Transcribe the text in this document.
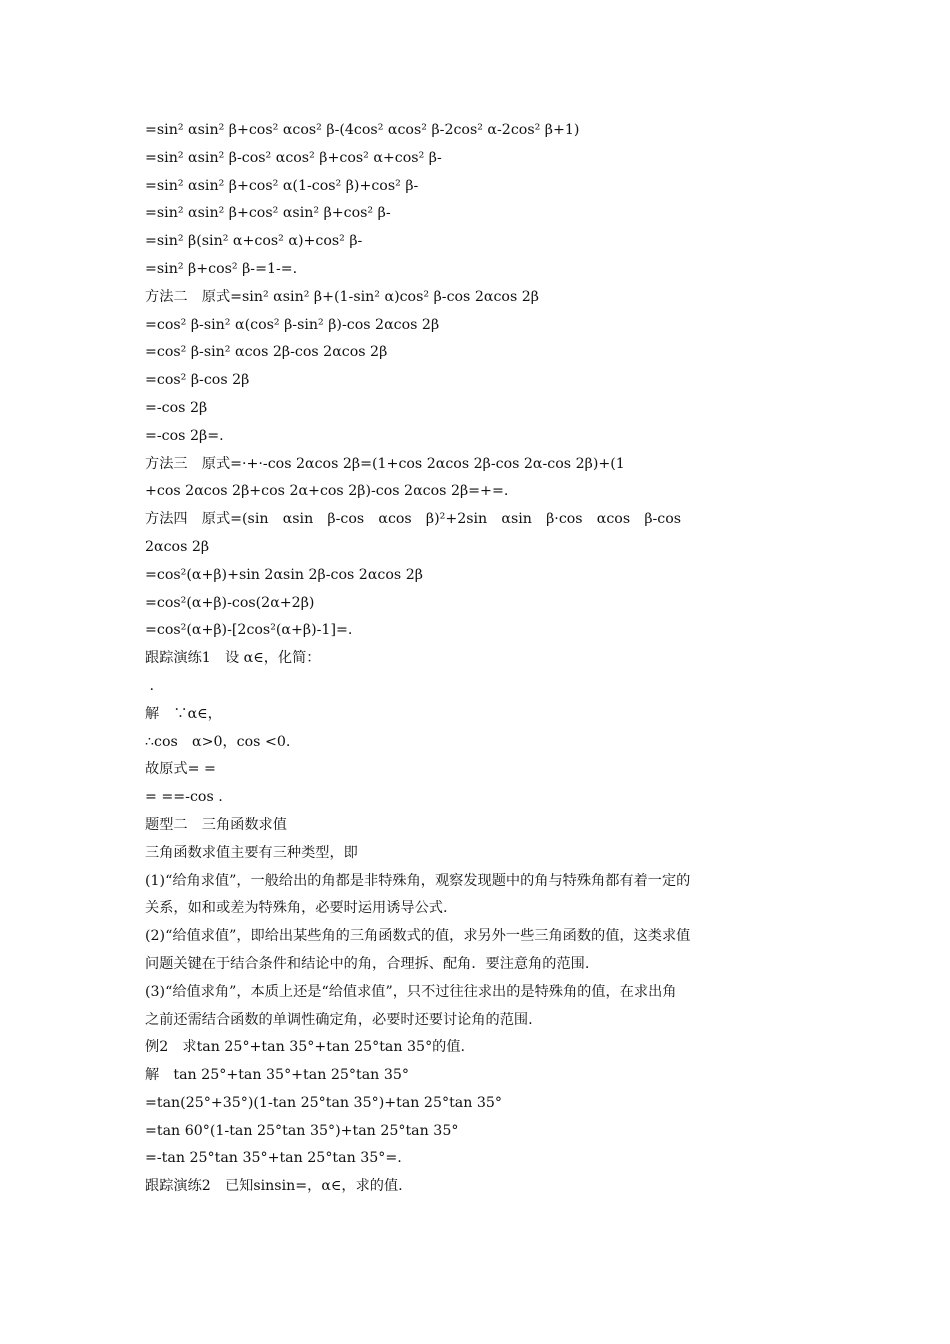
=sin² αsin² β+cos² αcos² β-(4cos² αcos² β-2cos² α-2cos² β+1)
=sin² αsin² β-cos² αcos² β+cos² α+cos² β-
=sin² αsin² β+cos² α(1-cos² β)+cos² β-
=sin² αsin² β+cos² αsin² β+cos² β-
=sin² β(sin² α+cos² α)+cos² β-
=sin² β+cos² β-=1-=.
方法二　原式=sin² αsin² β+(1-sin² α)cos² β-cos 2αcos 2β
=cos² β-sin² α(cos² β-sin² β)-cos 2αcos 2β
=cos² β-sin² αcos 2β-cos 2αcos 2β
=cos² β-cos 2β
=-cos 2β
=-cos 2β=.
方法三　原式=·+·-cos 2αcos 2β=(1+cos 2αcos 2β-cos 2α-cos 2β)+(1
+cos 2αcos 2β+cos 2α+cos 2β)-cos 2αcos 2β=+=.
方法四　原式=(sin　αsin　β-cos　αcos　β)²+2sin　αsin　β·cos　αcos　β-cos
2αcos 2β
=cos²(α+β)+sin 2αsin 2β-cos 2αcos 2β
=cos²(α+β)-cos(2α+2β)
=cos²(α+β)-[2cos²(α+β)-1]=.
跟踪演练1　设 α∈，化简：
.
解　∵α∈，
∴cos　α>0，cos <0.
故原式= =
= ==-cos .
题型二　三角函数求值
三角函数求值主要有三种类型，即
(1)“给角求值”，一般给出的角都是非特殊角，观察发现题中的角与特殊角都有着一定的
关系，如和或差为特殊角，必要时运用诱导公式.
(2)“给值求值”，即给出某些角的三角函数式的值，求另外一些三角函数的值，这类求值
问题关键在于结合条件和结论中的角，合理拆、配角．要注意角的范围.
(3)“给值求角”，本质上还是“给值求值”，只不过往往求出的是特殊角的值，在求出角
之前还需结合函数的单调性确定角，必要时还要讨论角的范围.
例2　求tan 25°+tan 35°+tan 25°tan 35°的值.
解　tan 25°+tan 35°+tan 25°tan 35°
=tan(25°+35°)(1-tan 25°tan 35°)+tan 25°tan 35°
=tan 60°(1-tan 25°tan 35°)+tan 25°tan 35°
=-tan 25°tan 35°+tan 25°tan 35°=.
跟踪演练2　已知sinsin=，α∈，求的值.
